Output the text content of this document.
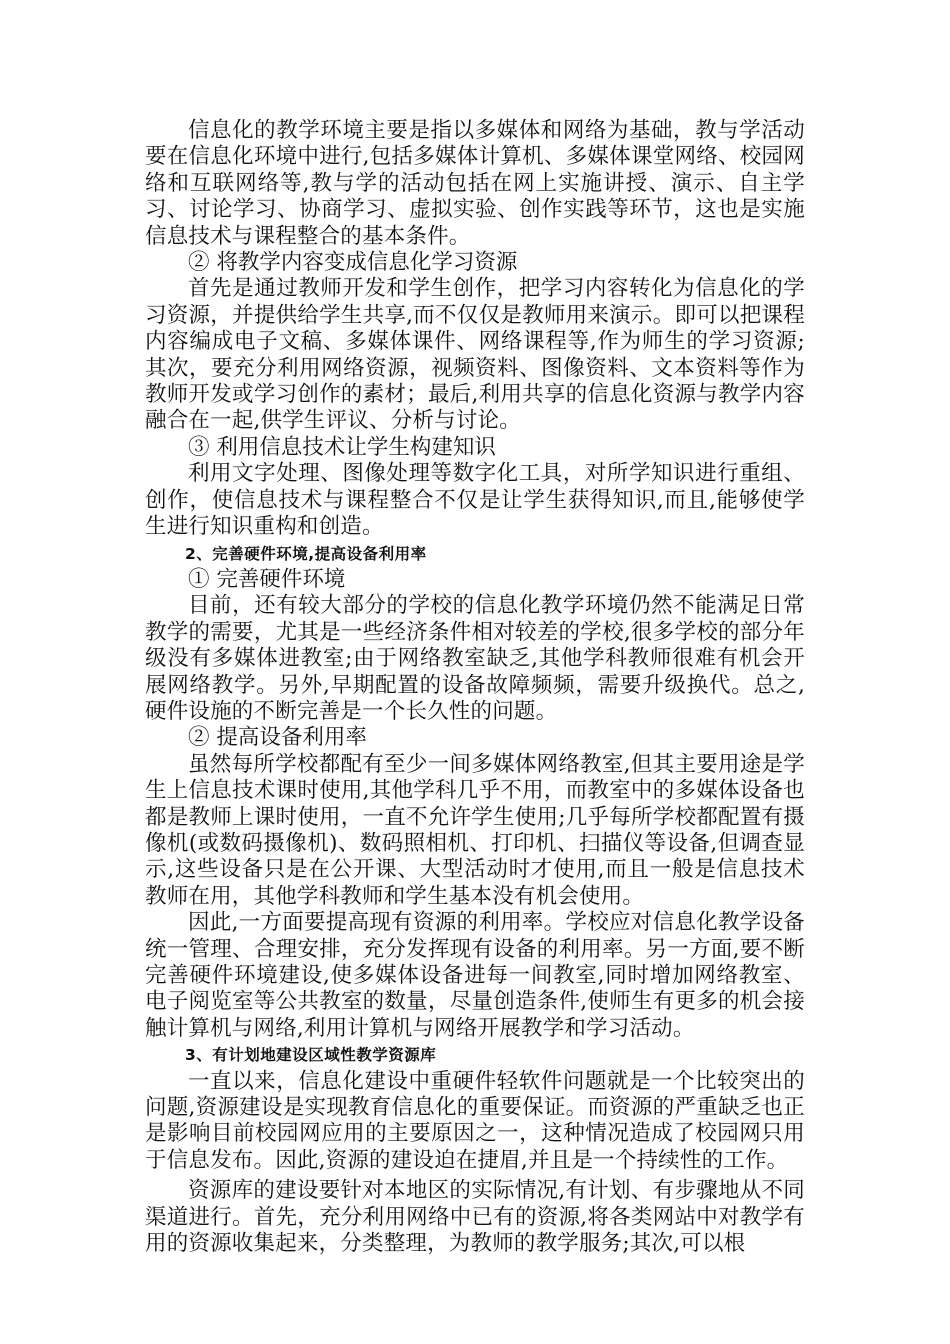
信息化的教学环境主要是指以多媒体和网络为基础，教与学活动要在信息化环境中进行,包括多媒体计算机、多媒体课堂网络、校园网络和互联网络等,教与学的活动包括在网上实施讲授、演示、自主学习、讨论学习、协商学习、虚拟实验、创作实践等环节，这也是实施信息技术与课程整合的基本条件。

② 将教学内容变成信息化学习资源

首先是通过教师开发和学生创作，把学习内容转化为信息化的学习资源，并提供给学生共享,而不仅仅是教师用来演示。即可以把课程内容编成电子文稿、多媒体课件、网络课程等,作为师生的学习资源;其次，要充分利用网络资源，视频资料、图像资料、文本资料等作为教师开发或学习创作的素材；最后,利用共享的信息化资源与教学内容融合在一起,供学生评议、分析与讨论。

③ 利用信息技术让学生构建知识

利用文字处理、图像处理等数字化工具，对所学知识进行重组、创作，使信息技术与课程整合不仅是让学生获得知识,而且,能够使学生进行知识重构和创造。

2、完善硬件环境,提高设备利用率

① 完善硬件环境

目前，还有较大部分的学校的信息化教学环境仍然不能满足日常教学的需要，尤其是一些经济条件相对较差的学校,很多学校的部分年级没有多媒体进教室;由于网络教室缺乏,其他学科教师很难有机会开展网络教学。另外,早期配置的设备故障频频，需要升级换代。总之,硬件设施的不断完善是一个长久性的问题。

② 提高设备利用率

虽然每所学校都配有至少一间多媒体网络教室,但其主要用途是学生上信息技术课时使用,其他学科几乎不用，而教室中的多媒体设备也都是教师上课时使用，一直不允许学生使用;几乎每所学校都配置有摄像机(或数码摄像机)、数码照相机、打印机、扫描仪等设备,但调查显示,这些设备只是在公开课、大型活动时才使用,而且一般是信息技术教师在用，其他学科教师和学生基本没有机会使用。

因此,一方面要提高现有资源的利用率。学校应对信息化教学设备统一管理、合理安排，充分发挥现有设备的利用率。另一方面,要不断完善硬件环境建设,使多媒体设备进每一间教室,同时增加网络教室、电子阅览室等公共教室的数量，尽量创造条件,使师生有更多的机会接触计算机与网络,利用计算机与网络开展教学和学习活动。

3、有计划地建设区域性教学资源库

一直以来，信息化建设中重硬件轻软件问题就是一个比较突出的问题,资源建设是实现教育信息化的重要保证。而资源的严重缺乏也正是影响目前校园网应用的主要原因之一，这种情况造成了校园网只用于信息发布。因此,资源的建设迫在捷眉,并且是一个持续性的工作。

资源库的建设要针对本地区的实际情况,有计划、有步骤地从不同渠道进行。首先，充分利用网络中已有的资源,将各类网站中对教学有用的资源收集起来，分类整理，为教师的教学服务;其次,可以根
